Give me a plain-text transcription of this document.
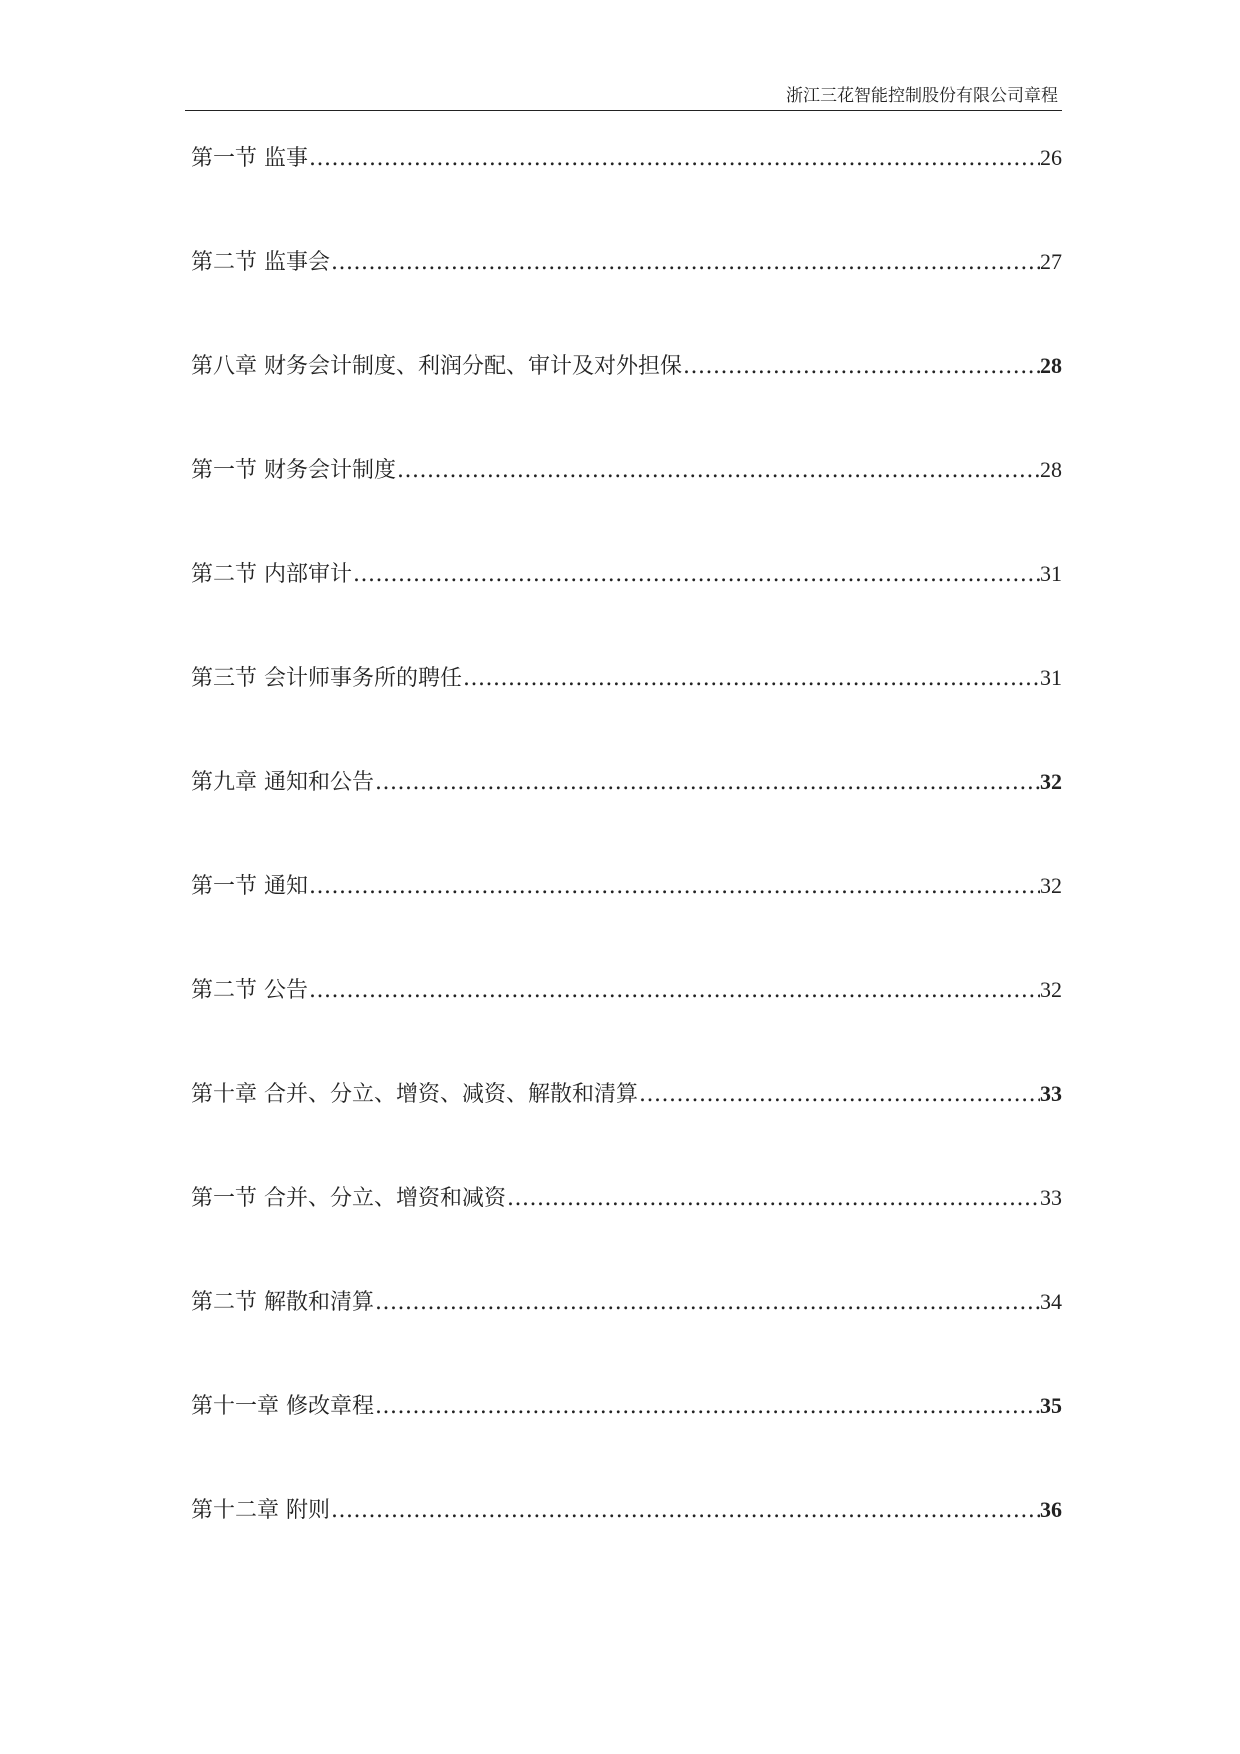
浙江三花智能控制股份有限公司章程
第一节 监事 .....	26
第二节 监事会 .....	27
第八章 财务会计制度、利润分配、审计及对外担保 .....	28
第一节 财务会计制度 .....	28
第二节 内部审计 .....	31
第三节 会计师事务所的聘任 .....	31
第九章 通知和公告 .....	32
第一节 通知 .....	32
第二节 公告 .....	32
第十章 合并、分立、增资、减资、解散和清算 .....	33
第一节 合并、分立、增资和减资 .....	33
第二节 解散和清算 .....	34
第十一章 修改章程 .....	35
第十二章 附则 .....	36
